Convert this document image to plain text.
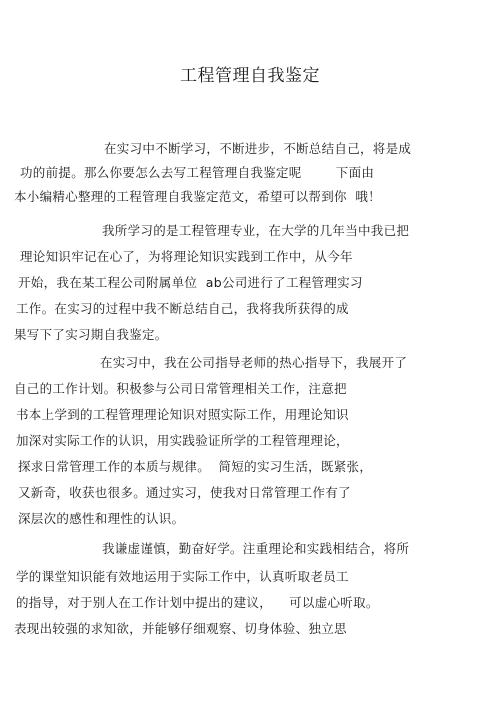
工程管理自我鉴定
在实习中不断学习，不断进步，不断总结自己，将是成
功的前提。那么你要怎么去写工程管理自我鉴定呢        下面由
本小编精心整理的工程管理自我鉴定范文，希望可以帮到你  哦！
我所学习的是工程管理专业，在大学的几年当中我已把
理论知识牢记在心了，为将理论知识实践到工作中，从今年
开始，我在某工程公司附属单位  ab公司进行了工程管理实习
工作。在实习的过程中我不断总结自己，我将我所获得的成
果写下了实习期自我鉴定。
在实习中，我在公司指导老师的热心指导下，我展开了
自己的工作计划。积极参与公司日常管理相关工作，注意把
书本上学到的工程管理理论知识对照实际工作，用理论知识
加深对实际工作的认识，用实践验证所学的工程管理理论，
探求日常管理工作的本质与规律。  简短的实习生活，既紧张，
又新奇，收获也很多。通过实习，使我对日常管理工作有了
深层次的感性和理性的认识。
我谦虚谨慎，勤奋好学。注重理论和实践相结合，将所
学的课堂知识能有效地运用于实际工作中，认真听取老员工
的指导，对于别人在工作计划中提出的建议，    可以虚心听取。
表现出较强的求知欲，并能够仔细观察、切身体验、独立思
